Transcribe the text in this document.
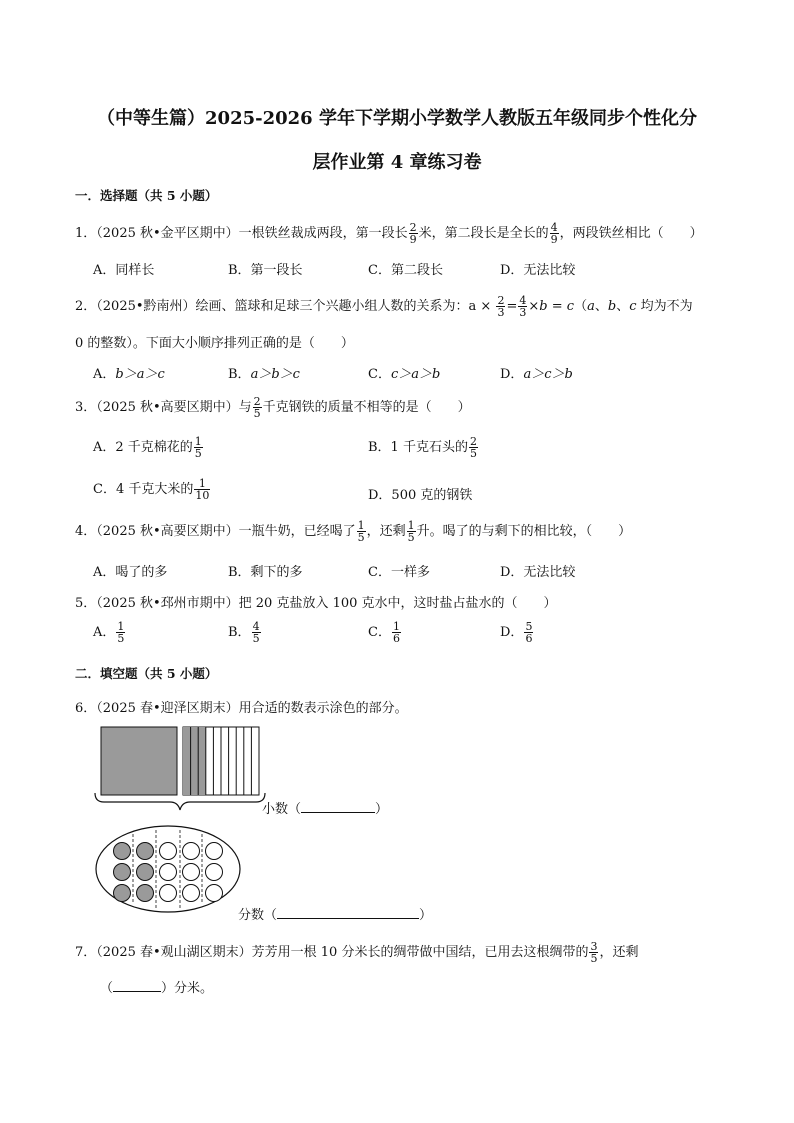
（中等生篇）2025-2026 学年下学期小学数学人教版五年级同步个性化分
层作业第 4 章练习卷
一．选择题（共 5 小题）
1．（2025 秋•金平区期中）一根铁丝裁成两段，第一段长 $\frac{2}{9}$ 米，第二段长是全长的 $\frac{4}{9}$ ，两段铁丝相比（　　）
A．同样长	B．第一段长	C．第二段长	D．无法比较
2．（2025•黔南州）绘画、篮球和足球三个兴趣小组人数的关系为：$a \times \frac{2}{3} = \frac{4}{3} \times b = c(a$、b、c 均为不为
0 的整数）。下面大小顺序排列正确的是（　　）
A．b＞a＞c	B．a＞b＞c	C．c＞a＞b	D．a＞c＞b
3．（2025 秋•高要区期中）与 $\frac{2}{5}$ 千克钢铁的质量不相等的是（　　）
A．2 千克棉花的 $\frac{1}{5}$	B．1 千克石头的 $\frac{2}{5}$
C．4 千克大米的 $\frac{1}{10}$	D．500 克的钢铁
4．（2025 秋•高要区期中）一瓶牛奶，已经喝了 $\frac{1}{5}$ ，还剩 $\frac{1}{5}$ 升。喝了的与剩下的相比较，（　　）
A．喝了的多	B．剩下的多	C．一样多	D．无法比较
5．（2025 秋•邳州市期中）把 20 克盐放入 100 克水中，这时盐占盐水的（　　）
A． $\frac{1}{5}$	B． $\frac{4}{5}$	C． $\frac{1}{6}$	D． $\frac{5}{6}$
二．填空题（共 5 小题）
6．（2025 春•迎泽区期末）用合适的数表示涂色的部分。
小数（	）
分数（	）
7．（2025 春•观山湖区期末）芳芳用一根 10 分米长的绸带做中国结，已用去这根绸带的 $\frac{3}{5}$ ，还剩
（	）分米。
